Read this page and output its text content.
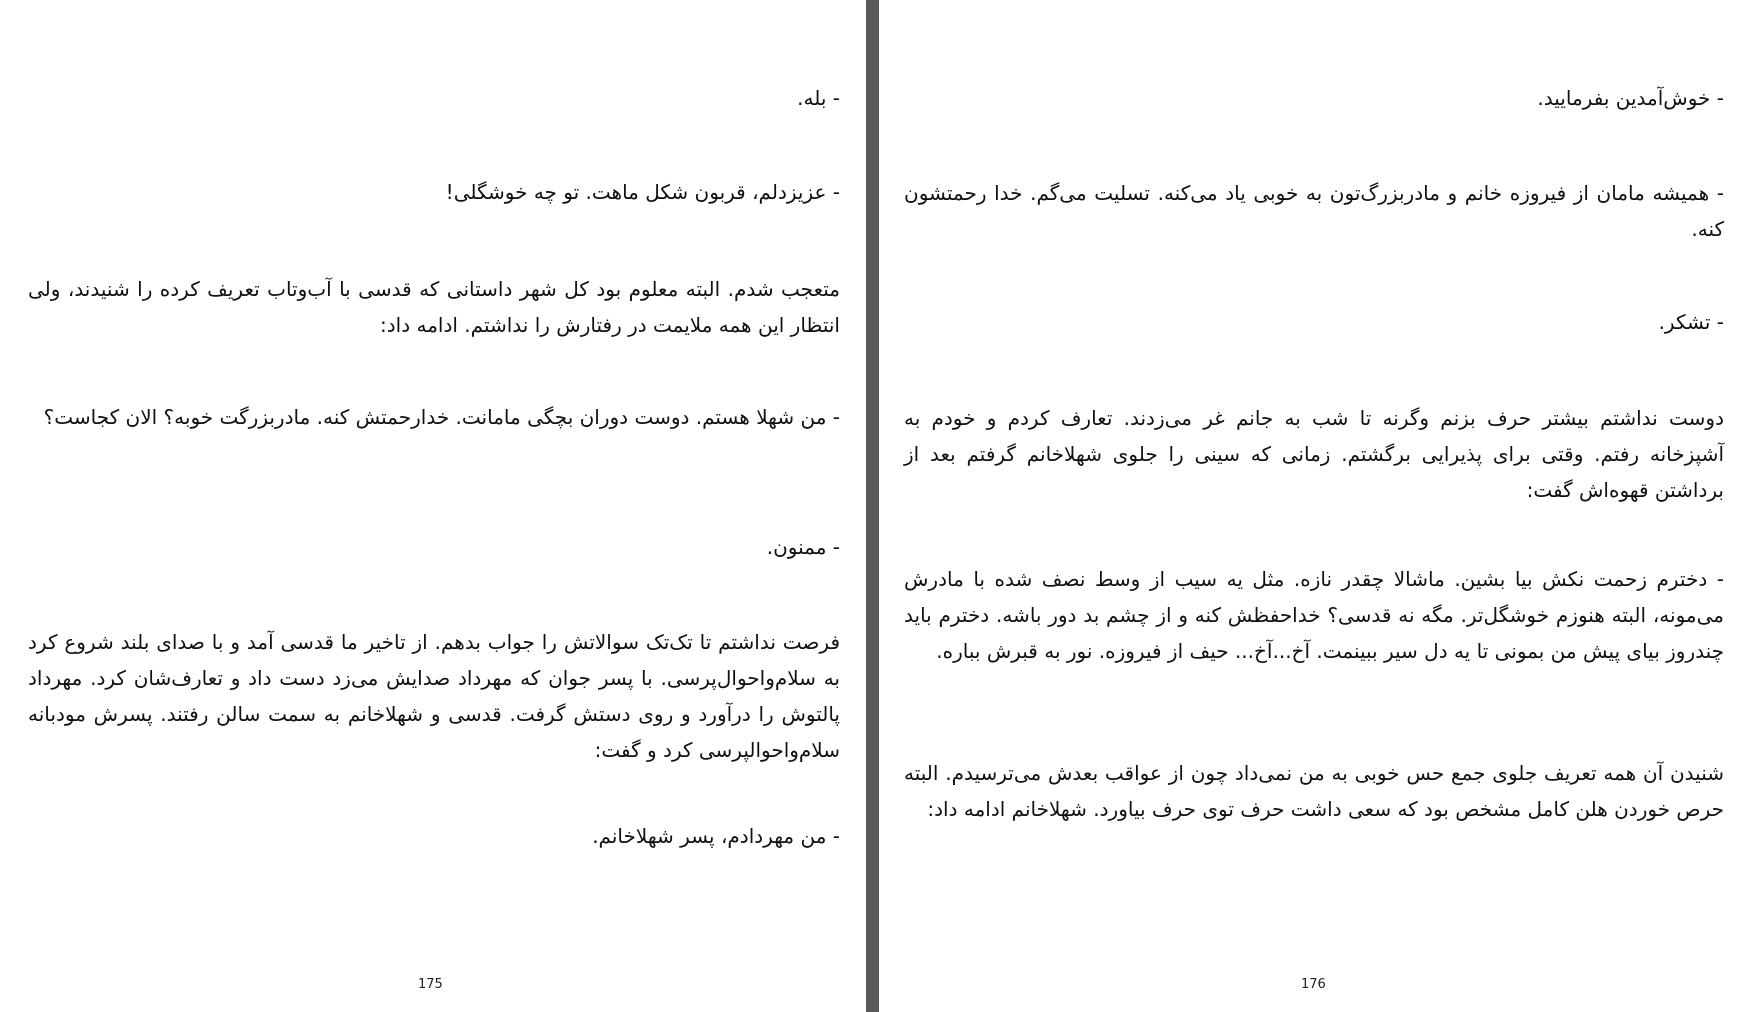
- بله.

- عزیزدلم، قربون شکل ماهت. تو چه خوشگلی!

متعجب شدم. البته معلوم بود کل شهر داستانی که قدسی با آب‌وتاب تعریف کرده را شنیدند، ولی انتظار این همه ملایمت در رفتارش را نداشتم. ادامه داد:

- من شهلا هستم. دوست دوران بچگی مامانت. خدارحمتش کنه. مادربزرگت خوبه؟ الان کجاست؟

- ممنون.

فرصت نداشتم تا تک‌تک سوالاتش را جواب بدهم. از تاخیر ما قدسی آمد و با صدای بلند شروع کرد به سلام‌واحوال‌پرسی. با پسر جوان که مهرداد صدایش می‌زد دست داد و تعارف‌شان کرد. مهرداد پالتوش را درآورد و روی دستش گرفت. قدسی و شهلاخانم به سمت سالن رفتند. پسرش مودبانه سلام‌واحوالپرسی کرد و گفت:

- من مهردادم، پسر شهلاخانم.

175

- خوش‌آمدین بفرمایید.

- همیشه مامان از فیروزه خانم و مادربزرگ‌تون به خوبی یاد می‌کنه. تسلیت می‌گم. خدا رحمتشون کنه.

- تشکر.

دوست نداشتم بیشتر حرف بزنم وگرنه تا شب به جانم غر می‌زدند. تعارف کردم و خودم به آشپزخانه رفتم. وقتی برای پذیرایی برگشتم. زمانی که سینی را جلوی شهلاخانم گرفتم بعد از برداشتن قهوه‌اش گفت:

- دخترم زحمت نکش بیا بشین. ماشالا چقدر نازه. مثل یه سیب از وسط نصف شده با مادرش می‌مونه، البته هنوزم خوشگل‌تر. مگه نه قدسی؟ خداحفظش کنه و از چشم بد دور باشه. دخترم باید چندروز بیای پیش من بمونی تا یه دل سیر ببینمت. آخ...آخ... حیف از فیروزه. نور به قبرش بباره.

شنیدن آن همه تعریف جلوی جمع حس خوبی به من نمی‌داد چون از عواقب بعدش می‌ترسیدم. البته حرص خوردن هلن کامل مشخص بود که سعی داشت حرف توی حرف بیاورد. شهلاخانم ادامه داد:

176
